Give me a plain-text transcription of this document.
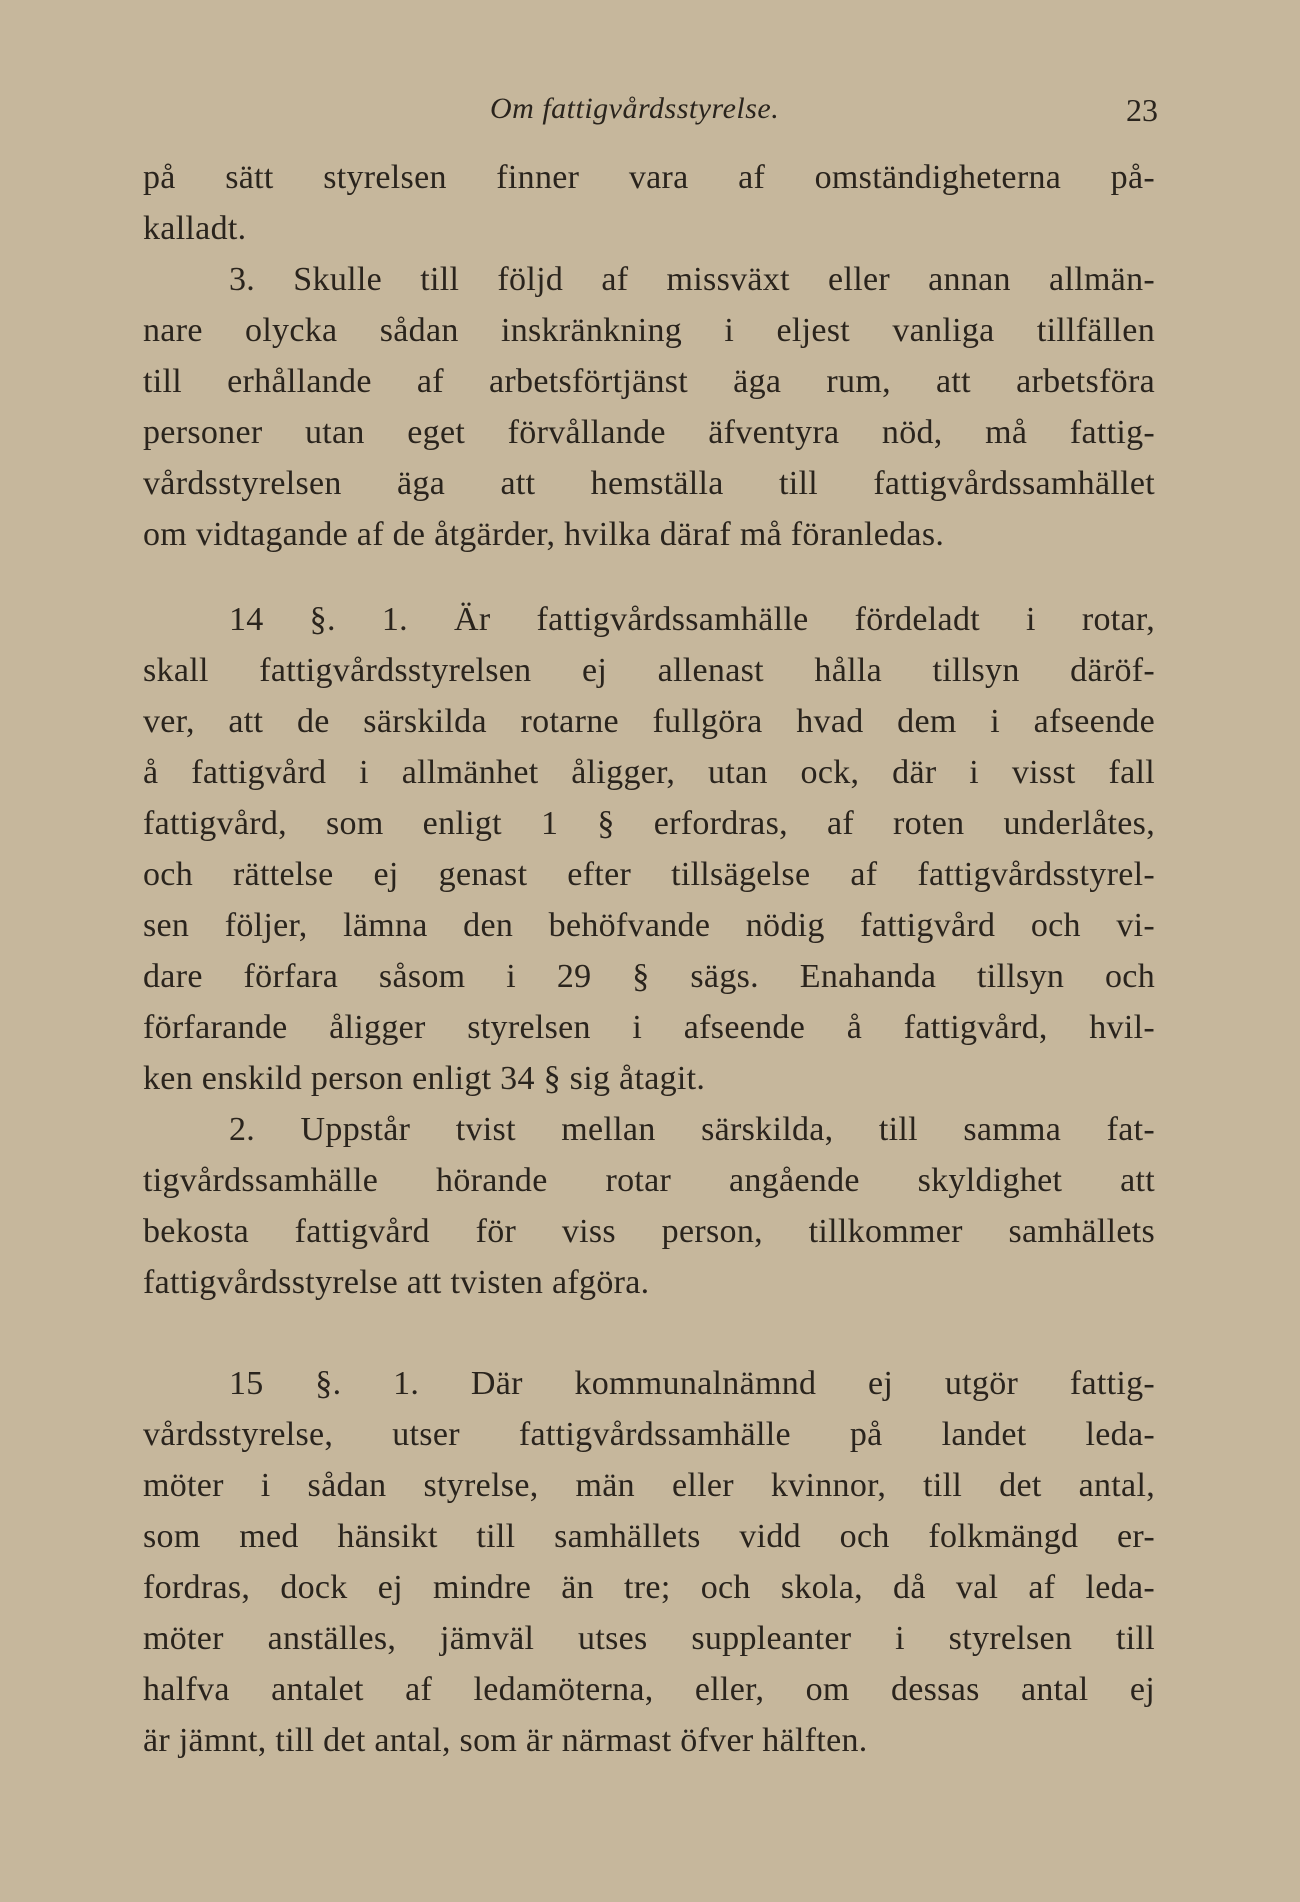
Om fattigvårdsstyrelse.	23
på sätt styrelsen finner vara af omständigheterna på-
kalladt.
3. Skulle till följd af missväxt eller annan allmän-
nare olycka sådan inskränkning i eljest vanliga tillfällen
till erhållande af arbetsförtjänst äga rum, att arbetsföra
personer utan eget förvållande äfventyra nöd, må fattig-
vårdsstyrelsen äga att hemställa till fattigvårdssamhället
om vidtagande af de åtgärder, hvilka däraf må föranledas.
14 §. 1. Är fattigvårdssamhälle fördeladt i rotar,
skall fattigvårdsstyrelsen ej allenast hålla tillsyn däröf-
ver, att de särskilda rotarne fullgöra hvad dem i afseende
å fattigvård i allmänhet åligger, utan ock, där i visst fall
fattigvård, som enligt 1 § erfordras, af roten underlåtes,
och rättelse ej genast efter tillsägelse af fattigvårdsstyrel-
sen följer, lämna den behöfvande nödig fattigvård och vi-
dare förfara såsom i 29 § sägs. Enahanda tillsyn och
förfarande åligger styrelsen i afseende å fattigvård, hvil-
ken enskild person enligt 34 § sig åtagit.
2. Uppstår tvist mellan särskilda, till samma fat-
tigvårdssamhälle hörande rotar angående skyldighet att
bekosta fattigvård för viss person, tillkommer samhällets
fattigvårdsstyrelse att tvisten afgöra.
15 §. 1. Där kommunalnämnd ej utgör fattig-
vårdsstyrelse, utser fattigvårdssamhälle på landet leda-
möter i sådan styrelse, män eller kvinnor, till det antal,
som med hänsikt till samhällets vidd och folkmängd er-
fordras, dock ej mindre än tre; och skola, då val af leda-
möter anställes, jämväl utses suppleanter i styrelsen till
halfva antalet af ledamöterna, eller, om dessas antal ej
är jämnt, till det antal, som är närmast öfver hälften.
